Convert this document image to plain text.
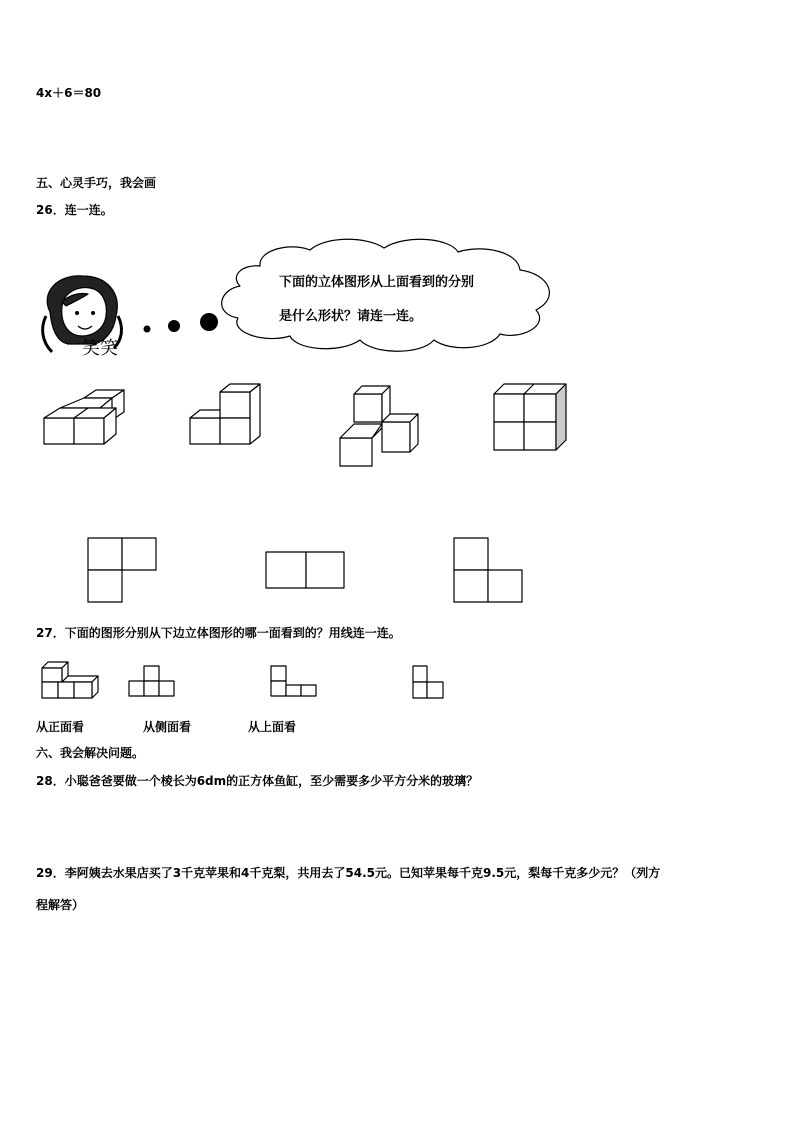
4x＋6＝80
五、心灵手巧，我会画
26．连一连。
笑笑
下面的立体图形从上面看到的分别
是什么形状？请连一连。
27．下面的图形分别从下边立体图形的哪一面看到的？用线连一连。
从正面看	从侧面看	从上面看
六、我会解决问题。
28．小聪爸爸要做一个棱长为6dm的正方体鱼缸，至少需要多少平方分米的玻璃？
29．李阿姨去水果店买了3千克苹果和4千克梨，共用去了54.5元。已知苹果每千克9.5元，梨每千克多少元？（列方
程解答）
